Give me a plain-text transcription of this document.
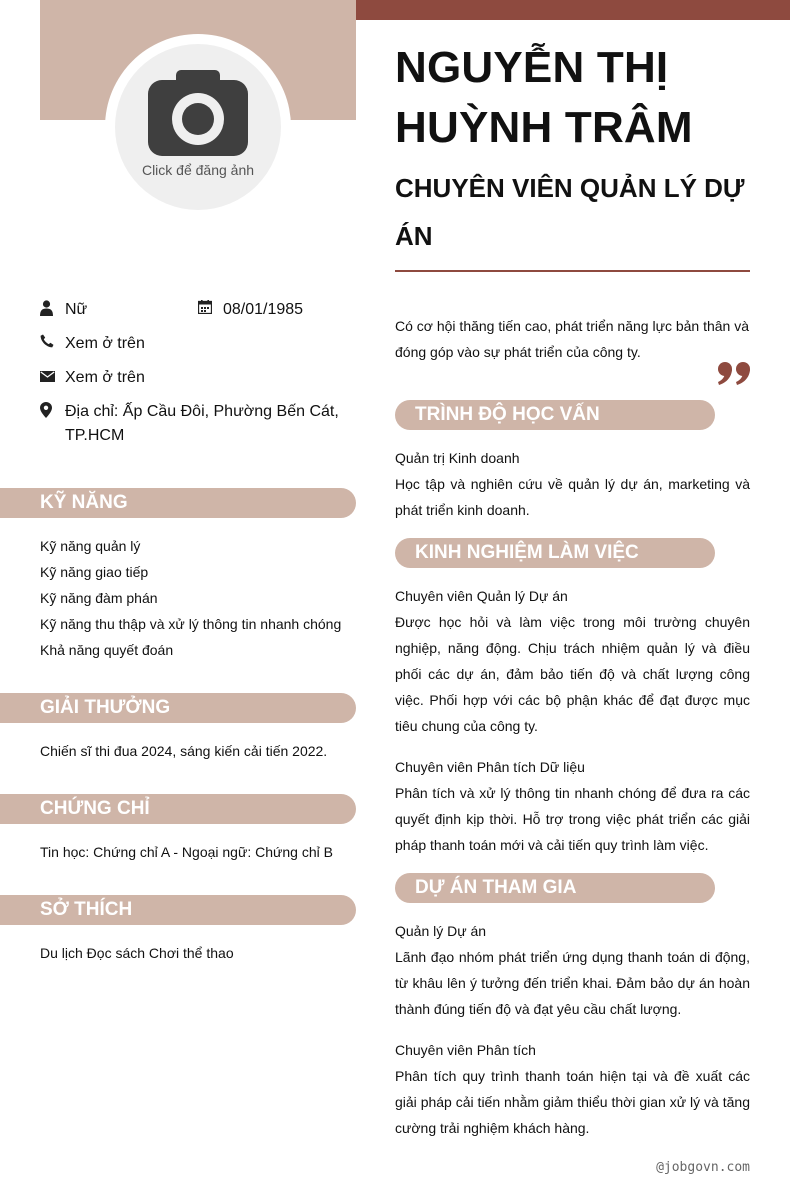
Click để đăng ảnh
NGUYỄN THỊ HUỲNH TRÂM
CHUYÊN VIÊN QUẢN LÝ DỰ ÁN
Nữ	08/01/1985
Xem ở trên
Xem ở trên
Địa chỉ: Ấp Cầu Đôi, Phường Bến Cát, TP.HCM
KỸ NĂNG
Kỹ năng quản lý
Kỹ năng giao tiếp
Kỹ năng đàm phán
Kỹ năng thu thập và xử lý thông tin nhanh chóng
Khả năng quyết đoán
GIẢI THƯỞNG
Chiến sĩ thi đua 2024, sáng kiến cải tiến 2022.
CHỨNG CHỈ
Tin học: Chứng chỉ A - Ngoại ngữ: Chứng chỉ B
SỞ THÍCH
Du lịch Đọc sách Chơi thể thao
Có cơ hội thăng tiến cao, phát triển năng lực bản thân và đóng góp vào sự phát triển của công ty.
TRÌNH ĐỘ HỌC VẤN
Quản trị Kinh doanh
Học tập và nghiên cứu về quản lý dự án, marketing và phát triển kinh doanh.
KINH NGHIỆM LÀM VIỆC
Chuyên viên Quản lý Dự án
Được học hỏi và làm việc trong môi trường chuyên nghiệp, năng động. Chịu trách nhiệm quản lý và điều phối các dự án, đảm bảo tiến độ và chất lượng công việc. Phối hợp với các bộ phận khác để đạt được mục tiêu chung của công ty.
Chuyên viên Phân tích Dữ liệu
Phân tích và xử lý thông tin nhanh chóng để đưa ra các quyết định kịp thời. Hỗ trợ trong việc phát triển các giải pháp thanh toán mới và cải tiến quy trình làm việc.
DỰ ÁN THAM GIA
Quản lý Dự án
Lãnh đạo nhóm phát triển ứng dụng thanh toán di động, từ khâu lên ý tưởng đến triển khai. Đảm bảo dự án hoàn thành đúng tiến độ và đạt yêu cầu chất lượng.
Chuyên viên Phân tích
Phân tích quy trình thanh toán hiện tại và đề xuất các giải pháp cải tiến nhằm giảm thiểu thời gian xử lý và tăng cường trải nghiệm khách hàng.
@jobgovn.com
